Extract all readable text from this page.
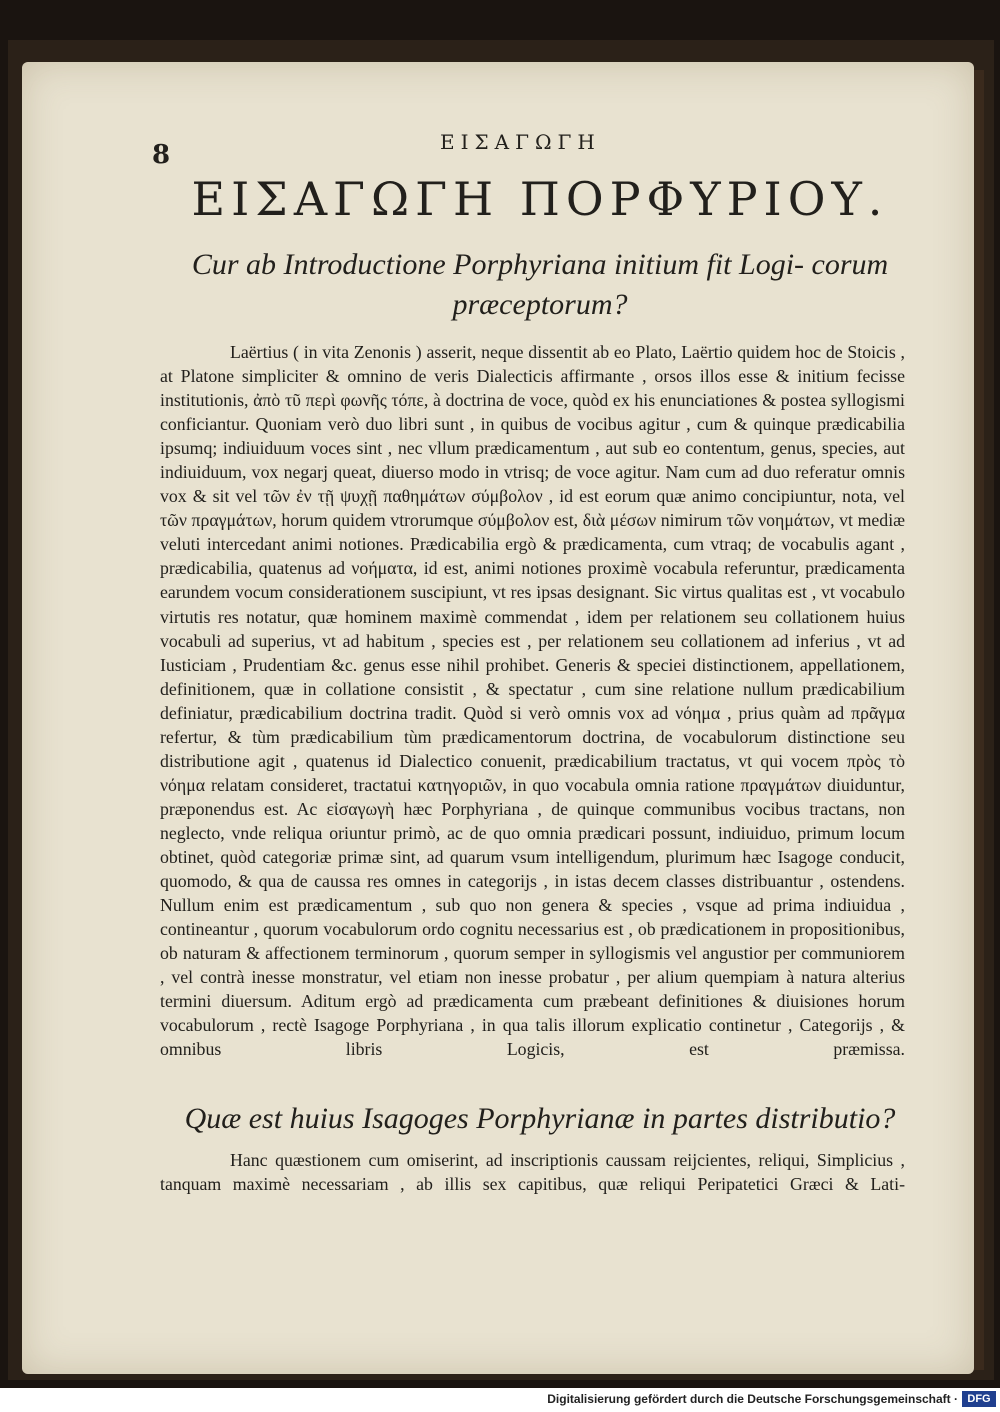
8	ΕΙΣΑΓΩΓΗ
ΕΙΣΑΓΩΓΗ ΠΟΡΦΥΡΙΟΥ.
Cur ab Introductione Porphyriana initium fit Logi- corum præceptorum?
Laërtius ( in vita Zenonis ) asserit, neque dissentit ab eo Plato, Laërtio quidem hoc de Stoicis , at Platone simpliciter & omnino de veris Dialecticis affirmante , orsos illos esse & initium fecisse institutionis, ἀπὸ τῦ περὶ φωνῆς τόπε, à doctrina de voce, quòd ex his enunciationes & postea syllogismi conficiantur. Quoniam verò duo libri sunt , in quibus de vocibus agitur , cum & quinque prædicabilia ipsumq; indiuiduum voces sint , nec vllum prædicamentum , aut sub eo contentum, genus, species, aut indiuiduum, vox negarj queat, diuerso modo in vtrisq; de voce agitur. Nam cum ad duo referatur omnis vox & sit vel τῶν ἐν τῇ ψυχῇ παθημάτων σύμβολον , id est eorum quæ animo concipiuntur, nota, vel τῶν πραγμάτων, horum quidem vtrorumque σύμβολον est, διὰ μέσων nimirum τῶν νοημάτων, vt mediæ veluti intercedant animi notiones. Prædicabilia ergò & prædicamenta, cum vtraq; de vocabulis agant , prædicabilia, quatenus ad νοήματα, id est, animi notiones proximè vocabula referuntur, prædicamenta earundem vocum considerationem suscipiunt, vt res ipsas designant. Sic virtus qualitas est , vt vocabulo virtutis res notatur, quæ hominem maximè commendat , idem per relationem seu collationem huius vocabuli ad superius, vt ad habitum , species est , per relationem seu collationem ad inferius , vt ad Iusticiam , Prudentiam &c. genus esse nihil prohibet. Generis & speciei distinctionem, appellationem, definitionem, quæ in collatione consistit , & spectatur , cum sine relatione nullum prædicabilium definiatur, prædicabilium doctrina tradit. Quòd si verò omnis vox ad νόημα , prius quàm ad πρᾶγμα refertur, & tùm prædicabilium tùm prædicamentorum doctrina, de vocabulorum distinctione seu distributione agit , quatenus id Dialectico conuenit, prædicabilium tractatus, vt qui vocem πρὸς τὸ νόημα relatam consideret, tractatui κατηγοριῶν, in quo vocabula omnia ratione πραγμάτων diuiduntur, præponendus est. Ac εἰσαγωγὴ hæc Porphyriana , de quinque communibus vocibus tractans, non neglecto, vnde reliqua oriuntur primò, ac de quo omnia prædicari possunt, indiuiduo, primum locum obtinet, quòd categoriæ primæ sint, ad quarum vsum intelligendum, plurimum hæc Isagoge conducit, quomodo, & qua de caussa res omnes in categorijs , in istas decem classes distribuantur , ostendens. Nullum enim est prædicamentum , sub quo non genera & species , vsque ad prima indiuidua , contineantur , quorum vocabulorum ordo cognitu necessarius est , ob prædicationem in propositionibus, ob naturam & affectionem terminorum , quorum semper in syllogismis vel angustior per communiorem , vel contrà inesse monstratur, vel etiam non inesse probatur , per alium quempiam à natura alterius termini diuersum. Aditum ergò ad prædicamenta cum præbeant definitiones & diuisiones horum vocabulorum , rectè Isagoge Porphyriana , in qua talis illorum explicatio continetur , Categorijs , & omnibus libris Logicis, est præmissa.
Quæ est huius Isagoges Porphyrianæ in partes distributio?
Hanc quæstionem cum omiserint, ad inscriptionis caussam reijcientes, reliqui, Simplicius , tanquam maximè necessariam , ab illis sex capitibus, quæ reliqui Peripatetici Græci & Lati-
Digitalisierung gefördert durch die Deutsche Forschungsgemeinschaft · DFG
